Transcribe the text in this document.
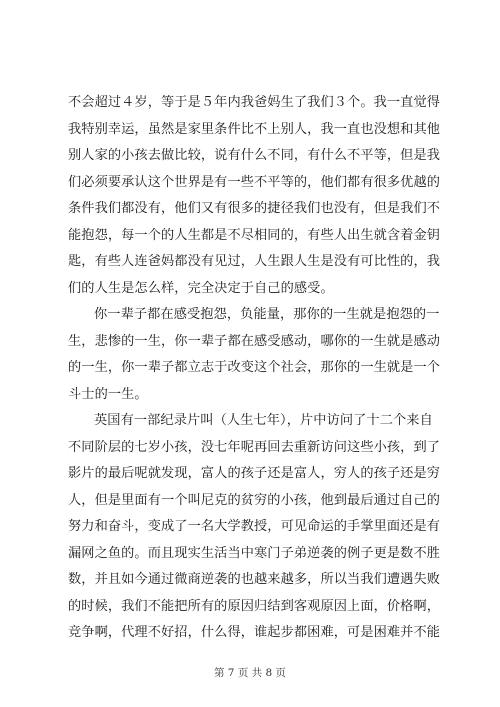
不会超过４岁，等于是５年内我爸妈生了我们３个。我一直觉得
我特别幸运，虽然是家里条件比不上别人，我一直也没想和其他
别人家的小孩去做比较，说有什么不同，有什么不平等，但是我
们必须要承认这个世界是有一些不平等的，他们都有很多优越的
条件我们都没有，他们又有很多的捷径我们也没有，但是我们不
能抱怨，每一个的人生都是不尽相同的，有些人出生就含着金钥
匙，有些人连爸妈都没有见过，人生跟人生是没有可比性的，我
们的人生是怎么样，完全决定于自己的感受。
你一辈子都在感受抱怨，负能量，那你的一生就是抱怨的一
生，悲惨的一生，你一辈子都在感受感动，哪你的一生就是感动
的一生，你一辈子都立志于改变这个社会，那你的一生就是一个
斗士的一生。
英国有一部纪录片叫（人生七年），片中访问了十二个来自
不同阶层的七岁小孩，没七年呢再回去重新访问这些小孩，到了
影片的最后呢就发现，富人的孩子还是富人，穷人的孩子还是穷
人，但是里面有一个叫尼克的贫穷的小孩，他到最后通过自己的
努力和奋斗，变成了一名大学教授，可见命运的手掌里面还是有
漏网之鱼的。而且现实生活当中寒门子弟逆袭的例子更是数不胜
数，并且如今通过微商逆袭的也越来越多，所以当我们遭遇失败
的时候，我们不能把所有的原因归结到客观原因上面，价格啊，
竞争啊，代理不好招，什么得，谁起步都困难，可是困难并不能
第 7 页 共 8 页
